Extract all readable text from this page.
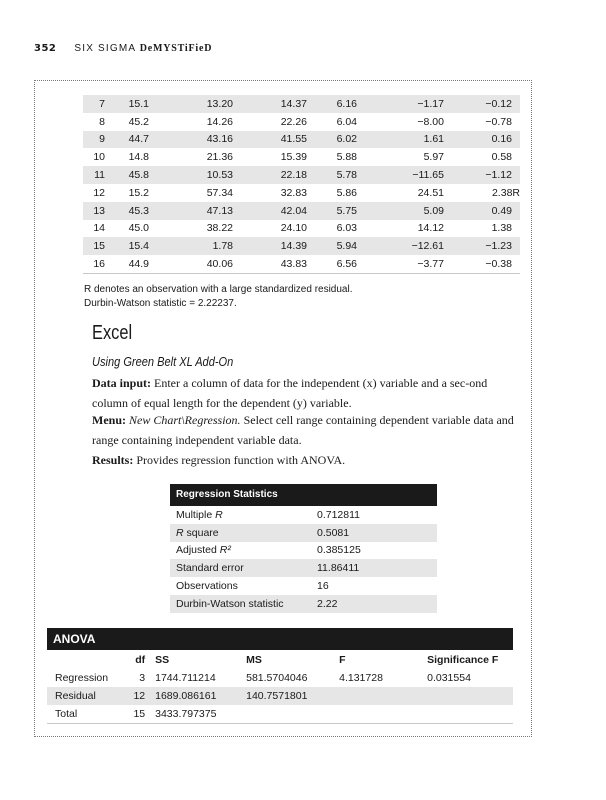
352 SIX SIGMA DeMYSTiFieD
7	15.1	13.20	14.37	6.16	−1.17	−0.12
8	45.2	14.26	22.26	6.04	−8.00	−0.78
9	44.7	43.16	41.55	6.02	1.61	0.16
10	14.8	21.36	15.39	5.88	5.97	0.58
11	45.8	10.53	22.18	5.78	−11.65	−1.12
12	15.2	57.34	32.83	5.86	24.51	2.38R
13	45.3	47.13	42.04	5.75	5.09	0.49
14	45.0	38.22	24.10	6.03	14.12	1.38
15	15.4	1.78	14.39	5.94	−12.61	−1.23
16	44.9	40.06	43.83	6.56	−3.77	−0.38
R denotes an observation with a large standardized residual.
Durbin-Watson statistic = 2.22237.
Excel
Using Green Belt XL Add-On
Data input: Enter a column of data for the independent (x) variable and a sec-ond column of equal length for the dependent (y) variable.
Menu: New Chart\Regression. Select cell range containing dependent variable data and range containing independent variable data.
Results: Provides regression function with ANOVA.
Regression Statistics
Multiple R	0.712811
R square	0.5081
Adjusted R²	0.385125
Standard error	11.86411
Observations	16
Durbin-Watson statistic	2.22
ANOVA
	df	SS	MS	F	Significance F
Regression	3	1744.711214	581.5704046	4.131728	0.031554
Residual	12	1689.086161	140.7571801		
Total	15	3433.797375			
